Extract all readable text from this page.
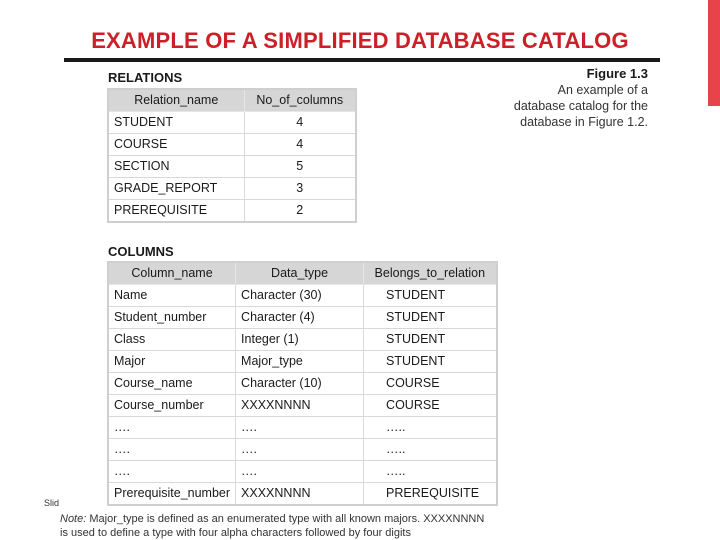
EXAMPLE OF A SIMPLIFIED DATABASE CATALOG
RELATIONS
Relation_name	No_of_columns
STUDENT	4
COURSE	4
SECTION	5
GRADE_REPORT	3
PREREQUISITE	2
Figure 1.3
An example of a
database catalog for the
database in Figure 1.2.
COLUMNS
Column_name	Data_type	Belongs_to_relation
Name	Character (30)	STUDENT
Student_number	Character (4)	STUDENT
Class	Integer (1)	STUDENT
Major	Major_type	STUDENT
Course_name	Character (10)	COURSE
Course_number	XXXXNNNN	COURSE
….	….	…..
….	….	…..
….	….	…..
Prerequisite_number	XXXXNNNN	PREREQUISITE
Slid
Note: Major_type is defined as an enumerated type with all known majors. XXXXNNNN
is used to define a type with four alpha characters followed by four digits
